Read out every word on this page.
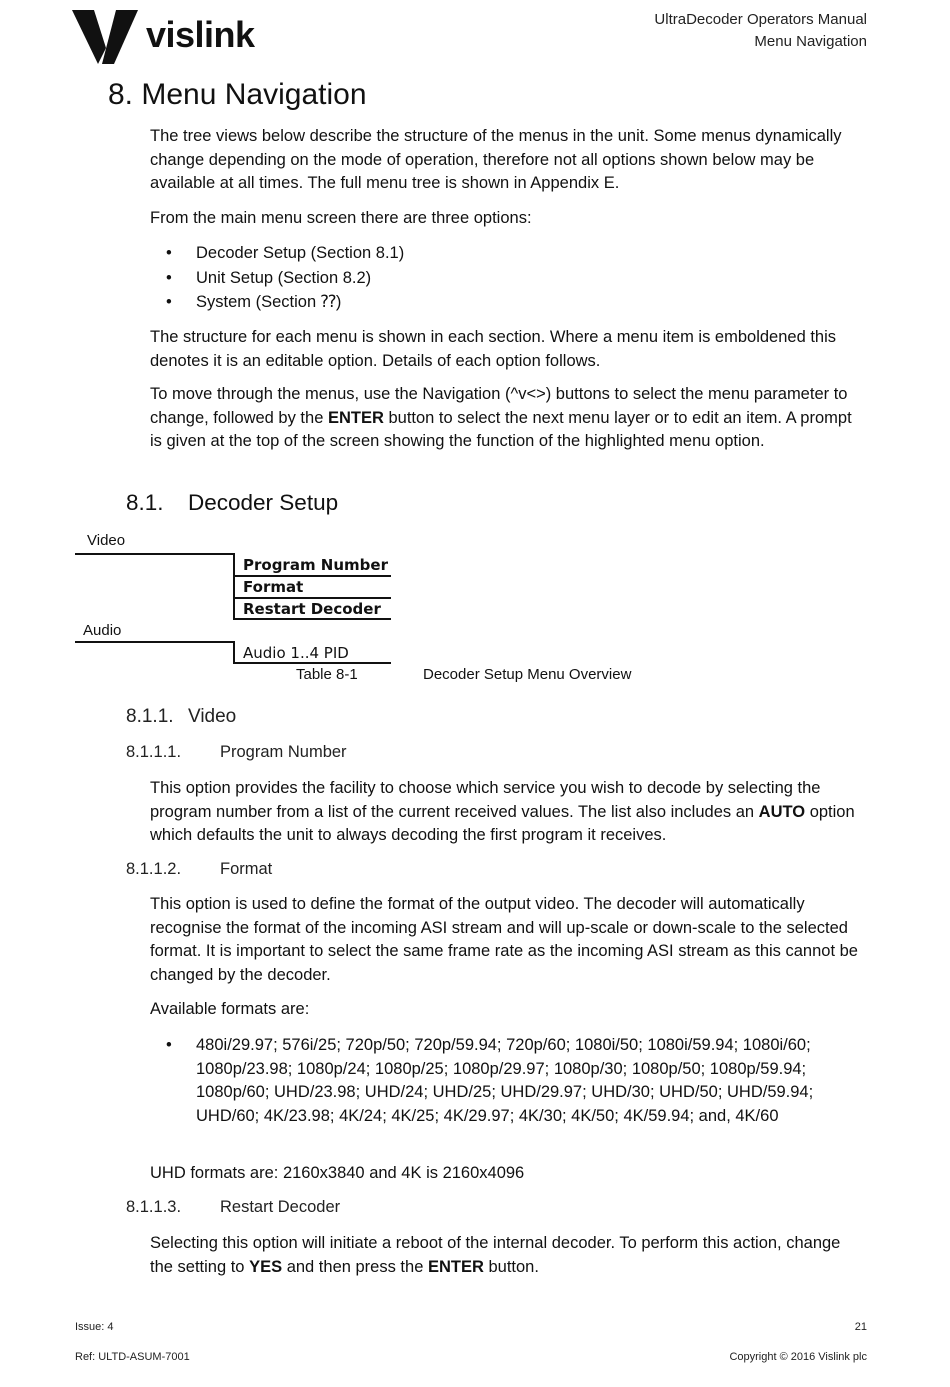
vislink	UltraDecoder Operators Manual
Menu Navigation
8. Menu Navigation

The tree views below describe the structure of the menus in the unit. Some menus dynamically change depending on the mode of operation, therefore not all options shown below may be available at all times. The full menu tree is shown in Appendix E.

From the main menu screen there are three options:

• Decoder Setup (Section 8.1)
• Unit Setup (Section 8.2)
• System (Section ⁇)

The structure for each menu is shown in each section. Where a menu item is emboldened this denotes it is an editable option. Details of each option follows.

To move through the menus, use the Navigation (^v<>) buttons to select the menu parameter to change, followed by the ENTER button to select the next menu layer or to edit an item. A prompt is given at the top of the screen showing the function of the highlighted menu option.

8.1. Decoder Setup
Video
Program Number
Format
Restart Decoder
Audio
Audio 1..4 PID
Table 8-1	Decoder Setup Menu Overview
8.1.1. Video
8.1.1.1. Program Number

This option provides the facility to choose which service you wish to decode by selecting the program number from a list of the current received values. The list also includes an AUTO option which defaults the unit to always decoding the first program it receives.

8.1.1.2. Format

This option is used to define the format of the output video. The decoder will automatically recognise the format of the incoming ASI stream and will up-scale or down-scale to the selected format. It is important to select the same frame rate as the incoming ASI stream as this cannot be changed by the decoder.

Available formats are:

• 480i/29.97; 576i/25; 720p/50; 720p/59.94; 720p/60; 1080i/50; 1080i/59.94; 1080i/60; 1080p/23.98; 1080p/24; 1080p/25; 1080p/29.97; 1080p/30; 1080p/50; 1080p/59.94; 1080p/60; UHD/23.98; UHD/24; UHD/25; UHD/29.97; UHD/30; UHD/50; UHD/59.94; UHD/60; 4K/23.98; 4K/24; 4K/25; 4K/29.97; 4K/30; 4K/50; 4K/59.94; and, 4K/60

UHD formats are: 2160x3840 and 4K is 2160x4096

8.1.1.3. Restart Decoder

Selecting this option will initiate a reboot of the internal decoder. To perform this action, change the setting to YES and then press the ENTER button.

Issue: 4	21
Ref: ULTD-ASUM-7001	Copyright © 2016 Vislink plc
